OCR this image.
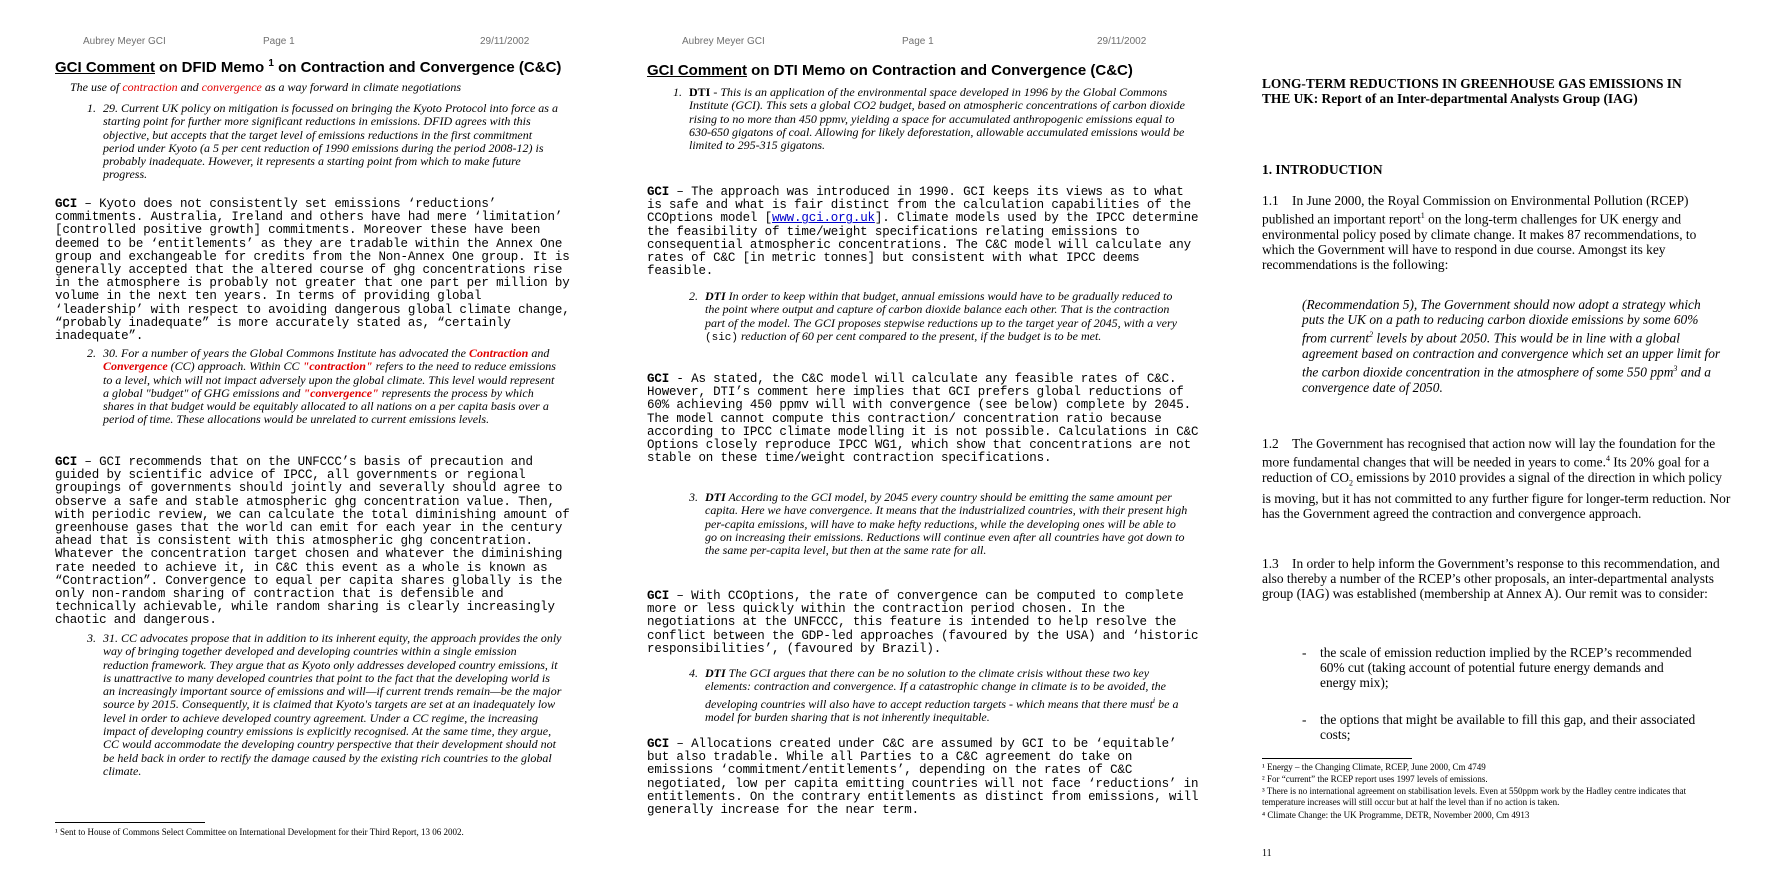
Aubrey Meyer GCI	Page 1	29/11/2002
GCI Comment on DFID Memo $^1$ on Contraction and Convergence (C&C)
The use of contraction and convergence as a way forward in climate negotiations
1. 29. Current UK policy on mitigation is focussed on bringing the Kyoto Protocol into force as a starting point for further more significant reductions in emissions. DFID agrees with this objective, but accepts that the target level of emissions reductions in the first commitment period under Kyoto (a 5 per cent reduction of 1990 emissions during the period 2008-12) is probably inadequate. However, it represents a starting point from which to make future progress.
GCI – Kyoto does not consistently set emissions ‘reductions’ commitments. Australia, Ireland and others have had mere ‘limitation’ [controlled positive growth] commitments. Moreover these have been deemed to be ‘entitlements’ as they are tradable within the Annex One group and exchangeable for credits from the Non-Annex One group. It is generally accepted that the altered course of ghg concentrations rise in the atmosphere is probably not greater that one part per million by volume in the next ten years. In terms of providing global ‘leadership’ with respect to avoiding dangerous global climate change, “probably inadequate” is more accurately stated as, “certainly inadequate”.
2. 30. For a number of years the Global Commons Institute has advocated the Contraction and Convergence (CC) approach. Within CC "contraction" refers to the need to reduce emissions to a level, which will not impact adversely upon the global climate. This level would represent a global "budget" of GHG emissions and "convergence" represents the process by which shares in that budget would be equitably allocated to all nations on a per capita basis over a period of time. These allocations would be unrelated to current emissions levels.
GCI – GCI recommends that on the UNFCCC’s basis of precaution and guided by scientific advice of IPCC, all governments or regional groupings of governments should jointly and severally should agree to observe a safe and stable atmospheric ghg concentration value. Then, with periodic review, we can calculate the total diminishing amount of greenhouse gases that the world can emit for each year in the century ahead that is consistent with this atmospheric ghg concentration. Whatever the concentration target chosen and whatever the diminishing rate needed to achieve it, in C&C this event as a whole is known as “Contraction”. Convergence to equal per capita shares globally is the only non-random sharing of contraction that is defensible and technically achievable, while random sharing is clearly increasingly chaotic and dangerous.
3. 31. CC advocates propose that in addition to its inherent equity, the approach provides the only way of bringing together developed and developing countries within a single emission reduction framework. They argue that as Kyoto only addresses developed country emissions, it is unattractive to many developed countries that point to the fact that the developing world is an increasingly important source of emissions and will—if current trends remain—be the major source by 2015. Consequently, it is claimed that Kyoto's targets are set at an inadequately low level in order to achieve developed country agreement. Under a CC regime, the increasing impact of developing country emissions is explicitly recognised. At the same time, they argue, CC would accommodate the developing country perspective that their development should not be held back in order to rectify the damage caused by the existing rich countries to the global climate.
¹ Sent to House of Commons Select Committee on International Development for their Third Report, 13 06 2002.
Aubrey Meyer GCI	Page 1	29/11/2002
GCI Comment on DTI Memo on Contraction and Convergence (C&C)
1. DTI - This is an application of the environmental space developed in 1996 by the Global Commons Institute (GCI). This sets a global CO2 budget, based on atmospheric concentrations of carbon dioxide rising to no more than 450 ppmv, yielding a space for accumulated anthropogenic emissions equal to 630-650 gigatons of coal. Allowing for likely deforestation, allowable accumulated emissions would be limited to 295-315 gigatons.
GCI – The approach was introduced in 1990. GCI keeps its views as to what is safe and what is fair distinct from the calculation capabilities of the CCOptions model [www.gci.org.uk]. Climate models used by the IPCC determine the feasibility of time/weight specifications relating emissions to consequential atmospheric concentrations. The C&C model will calculate any rates of C&C [in metric tonnes] but consistent with what IPCC deems feasible.
2. DTI In order to keep within that budget, annual emissions would have to be gradually reduced to the point where output and capture of carbon dioxide balance each other. That is the contraction part of the model. The GCI proposes stepwise reductions up to the target year of 2045, with a very (sic) reduction of 60 per cent compared to the present, if the budget is to be met.
GCI - As stated, the C&C model will calculate any feasible rates of C&C. However, DTI’s comment here implies that GCI prefers global reductions of 60% achieving 450 ppmv will with convergence (see below) complete by 2045. The model cannot compute this contraction/ concentration ratio because according to IPCC climate modelling it is not possible. Calculations in C&C Options closely reproduce IPCC WG1, which show that concentrations are not stable on these time/weight contraction specifications.
3. DTI According to the GCI model, by 2045 every country should be emitting the same amount per capita. Here we have convergence. It means that the industrialized countries, with their present high per-capita emissions, will have to make hefty reductions, while the developing ones will be able to go on increasing their emissions. Reductions will continue even after all countries have got down to the same per-capita level, but then at the same rate for all.
GCI – With CCOptions, the rate of convergence can be computed to complete more or less quickly within the contraction period chosen. In the negotiations at the UNFCCC, this feature is intended to help resolve the conflict between the GDP-led approaches (favoured by the USA) and ‘historic responsibilities’, (favoured by Brazil).
4. DTI The GCI argues that there can be no solution to the climate crisis without these two key elements: contraction and convergence. If a catastrophic change in climate is to be avoided, the developing countries will also have to accept reduction targets - which means that there must$^i$ be a model for burden sharing that is not inherently inequitable.
GCI – Allocations created under C&C are assumed by GCI to be ‘equitable’ but also tradable. While all Parties to a C&C agreement do take on emissions ‘commitment/entitlements’, depending on the rates of C&C negotiated, low per capita emitting countries will not face ‘reductions’ in entitlements. On the contrary entitlements as distinct from emissions, will generally increase for the near term.
LONG-TERM REDUCTIONS IN GREENHOUSE GAS EMISSIONS IN THE UK: Report of an Inter-departmental Analysts Group (IAG)
1. INTRODUCTION
1.1 In June 2000, the Royal Commission on Environmental Pollution (RCEP) published an important report$^1$ on the long-term challenges for UK energy and environmental policy posed by climate change. It makes 87 recommendations, to which the Government will have to respond in due course. Amongst its key recommendations is the following:
(Recommendation 5), The Government should now adopt a strategy which puts the UK on a path to reducing carbon dioxide emissions by some 60% from current$^2$ levels by about 2050. This would be in line with a global agreement based on contraction and convergence which set an upper limit for the carbon dioxide concentration in the atmosphere of some 550 ppm$^3$ and a convergence date of 2050.
1.2 The Government has recognised that action now will lay the foundation for the more fundamental changes that will be needed in years to come.$^4$ Its 20% goal for a reduction of $CO_2$ emissions by 2010 provides a signal of the direction in which policy is moving, but it has not committed to any further figure for longer-term reduction. Nor has the Government agreed the contraction and convergence approach.
1.3 In order to help inform the Government’s response to this recommendation, and also thereby a number of the RCEP’s other proposals, an inter-departmental analysts group (IAG) was established (membership at Annex A). Our remit was to consider:
- the scale of emission reduction implied by the RCEP’s recommended 60% cut (taking account of potential future energy demands and energy mix);
- the options that might be available to fill this gap, and their associated costs;
¹ Energy – the Changing Climate, RCEP, June 2000, Cm 4749
² For “current” the RCEP report uses 1997 levels of emissions.
³ There is no international agreement on stabilisation levels. Even at 550ppm work by the Hadley centre indicates that temperature increases will still occur but at half the level than if no action is taken.
⁴ Climate Change: the UK Programme, DETR, November 2000, Cm 4913
11
